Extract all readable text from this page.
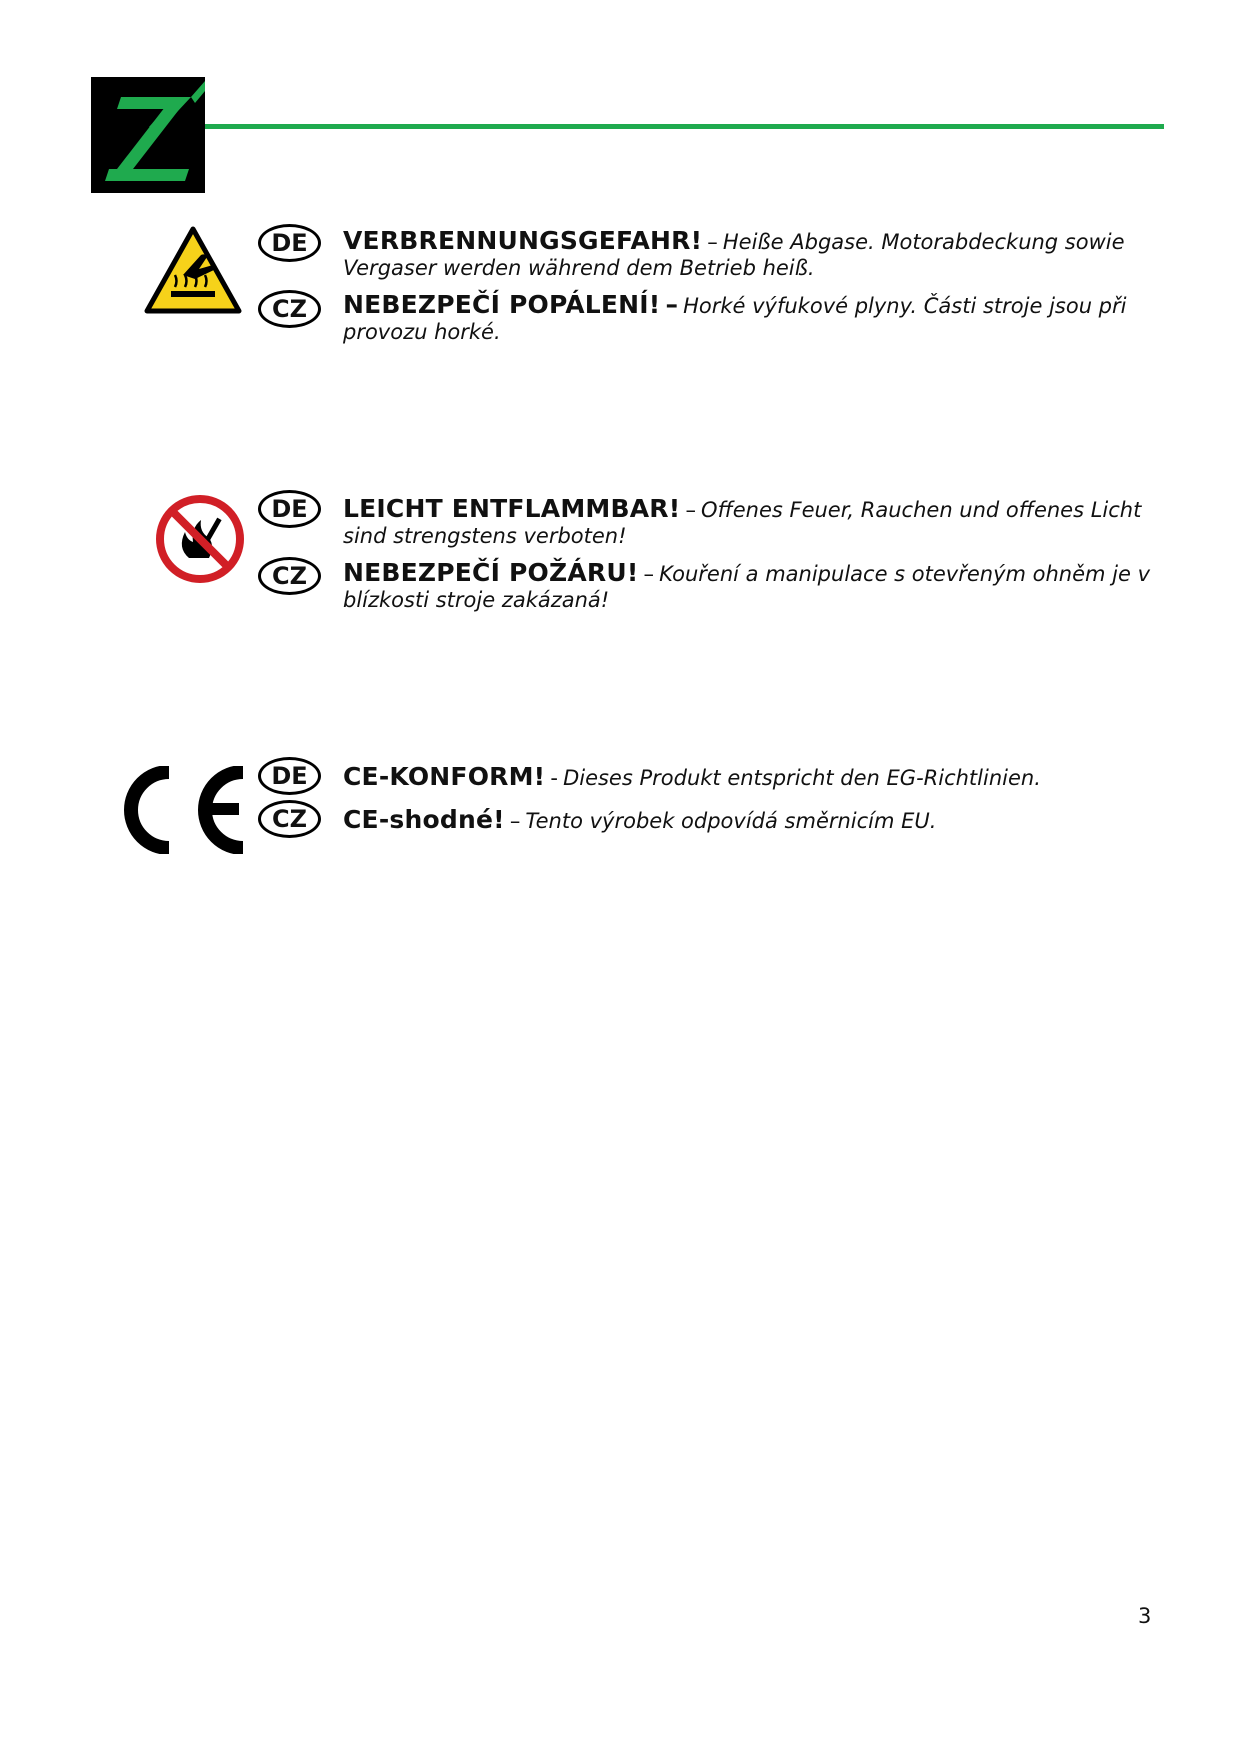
DE	VERBRENNUNGSGEFAHR! – Heiße Abgase. Motorabdeckung sowie Vergaser werden während dem Betrieb heiß.
CZ	NEBEZPEČÍ POPÁLENÍ! – Horké výfukové plyny. Části stroje jsou při provozu horké.
DE	LEICHT ENTFLAMMBAR! – Offenes Feuer, Rauchen und offenes Licht sind strengstens verboten!
CZ	NEBEZPEČÍ POŽÁRU! – Kouření a manipulace s otevřeným ohněm je v blízkosti stroje zakázaná!
DE	CE-KONFORM! - Dieses Produkt entspricht den EG-Richtlinien.
CZ	CE-shodné! – Tento výrobek odpovídá směrnicím EU.
3
